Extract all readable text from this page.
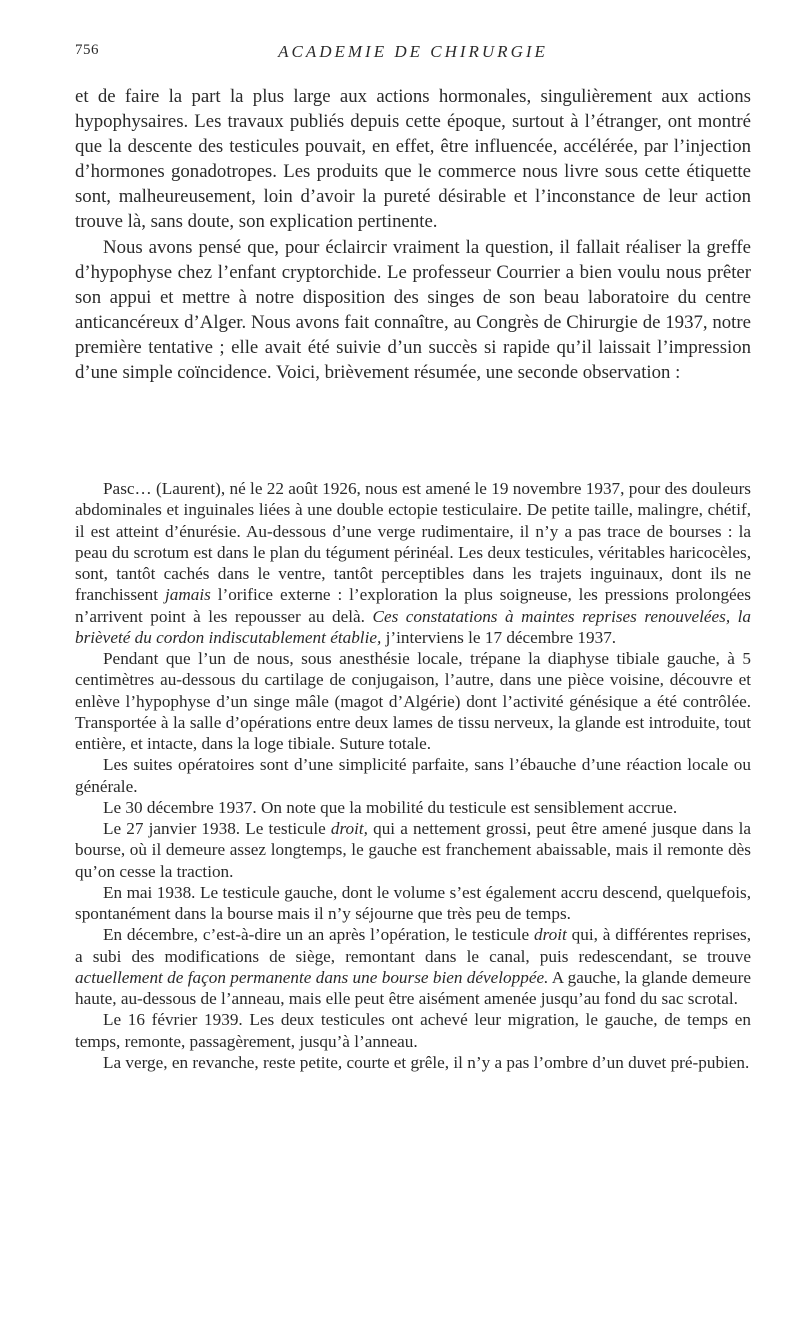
756	ACADEMIE DE CHIRURGIE

et de faire la part la plus large aux actions hormonales, singulièrement aux actions hypophysaires. Les travaux publiés depuis cette époque, surtout à l’étranger, ont montré que la descente des testicules pouvait, en effet, être influencée, accélérée, par l’injection d’hormones gonadotropes. Les produits que le commerce nous livre sous cette étiquette sont, malheureusement, loin d’avoir la pureté désirable et l’inconstance de leur action trouve là, sans doute, son explication pertinente.

Nous avons pensé que, pour éclaircir vraiment la question, il fallait réaliser la greffe d’hypophyse chez l’enfant cryptorchide. Le professeur Courrier a bien voulu nous prêter son appui et mettre à notre disposition des singes de son beau laboratoire du centre anticancéreux d’Alger. Nous avons fait connaître, au Congrès de Chirurgie de 1937, notre première tentative ; elle avait été suivie d’un succès si rapide qu’il laissait l’impression d’une simple coïncidence. Voici, brièvement résumée, une seconde observation :

Pasc… (Laurent), né le 22 août 1926, nous est amené le 19 novembre 1937, pour des douleurs abdominales et inguinales liées à une double ectopie testiculaire. De petite taille, malingre, chétif, il est atteint d’énurésie. Au-dessous d’une verge rudimentaire, il n’y a pas trace de bourses : la peau du scrotum est dans le plan du tégument périnéal. Les deux testicules, véritables haricocèles, sont, tantôt cachés dans le ventre, tantôt perceptibles dans les trajets inguinaux, dont ils ne franchissent jamais l’orifice externe : l’exploration la plus soigneuse, les pressions prolongées n’arrivent point à les repousser au delà. Ces constatations à maintes reprises renouvelées, la brièveté du cordon indiscutablement établie, j’interviens le 17 décembre 1937.

Pendant que l’un de nous, sous anesthésie locale, trépane la diaphyse tibiale gauche, à 5 centimètres au-dessous du cartilage de conjugaison, l’autre, dans une pièce voisine, découvre et enlève l’hypophyse d’un singe mâle (magot d’Algérie) dont l’activité génésique a été contrôlée. Transportée à la salle d’opérations entre deux lames de tissu nerveux, la glande est introduite, tout entière, et intacte, dans la loge tibiale. Suture totale.

Les suites opératoires sont d’une simplicité parfaite, sans l’ébauche d’une réaction locale ou générale.

Le 30 décembre 1937. On note que la mobilité du testicule est sensiblement accrue.

Le 27 janvier 1938. Le testicule droit, qui a nettement grossi, peut être amené jusque dans la bourse, où il demeure assez longtemps, le gauche est franchement abaissable, mais il remonte dès qu’on cesse la traction.

En mai 1938. Le testicule gauche, dont le volume s’est également accru descend, quelquefois, spontanément dans la bourse mais il n’y séjourne que très peu de temps.

En décembre, c’est-à-dire un an après l’opération, le testicule droit qui, à différentes reprises, a subi des modifications de siège, remontant dans le canal, puis redescendant, se trouve actuellement de façon permanente dans une bourse bien développée. A gauche, la glande demeure haute, au-dessous de l’anneau, mais elle peut être aisément amenée jusqu’au fond du sac scrotal.

Le 16 février 1939. Les deux testicules ont achevé leur migration, le gauche, de temps en temps, remonte, passagèrement, jusqu’à l’anneau.

La verge, en revanche, reste petite, courte et grêle, il n’y a pas l’ombre d’un duvet pré-pubien.
